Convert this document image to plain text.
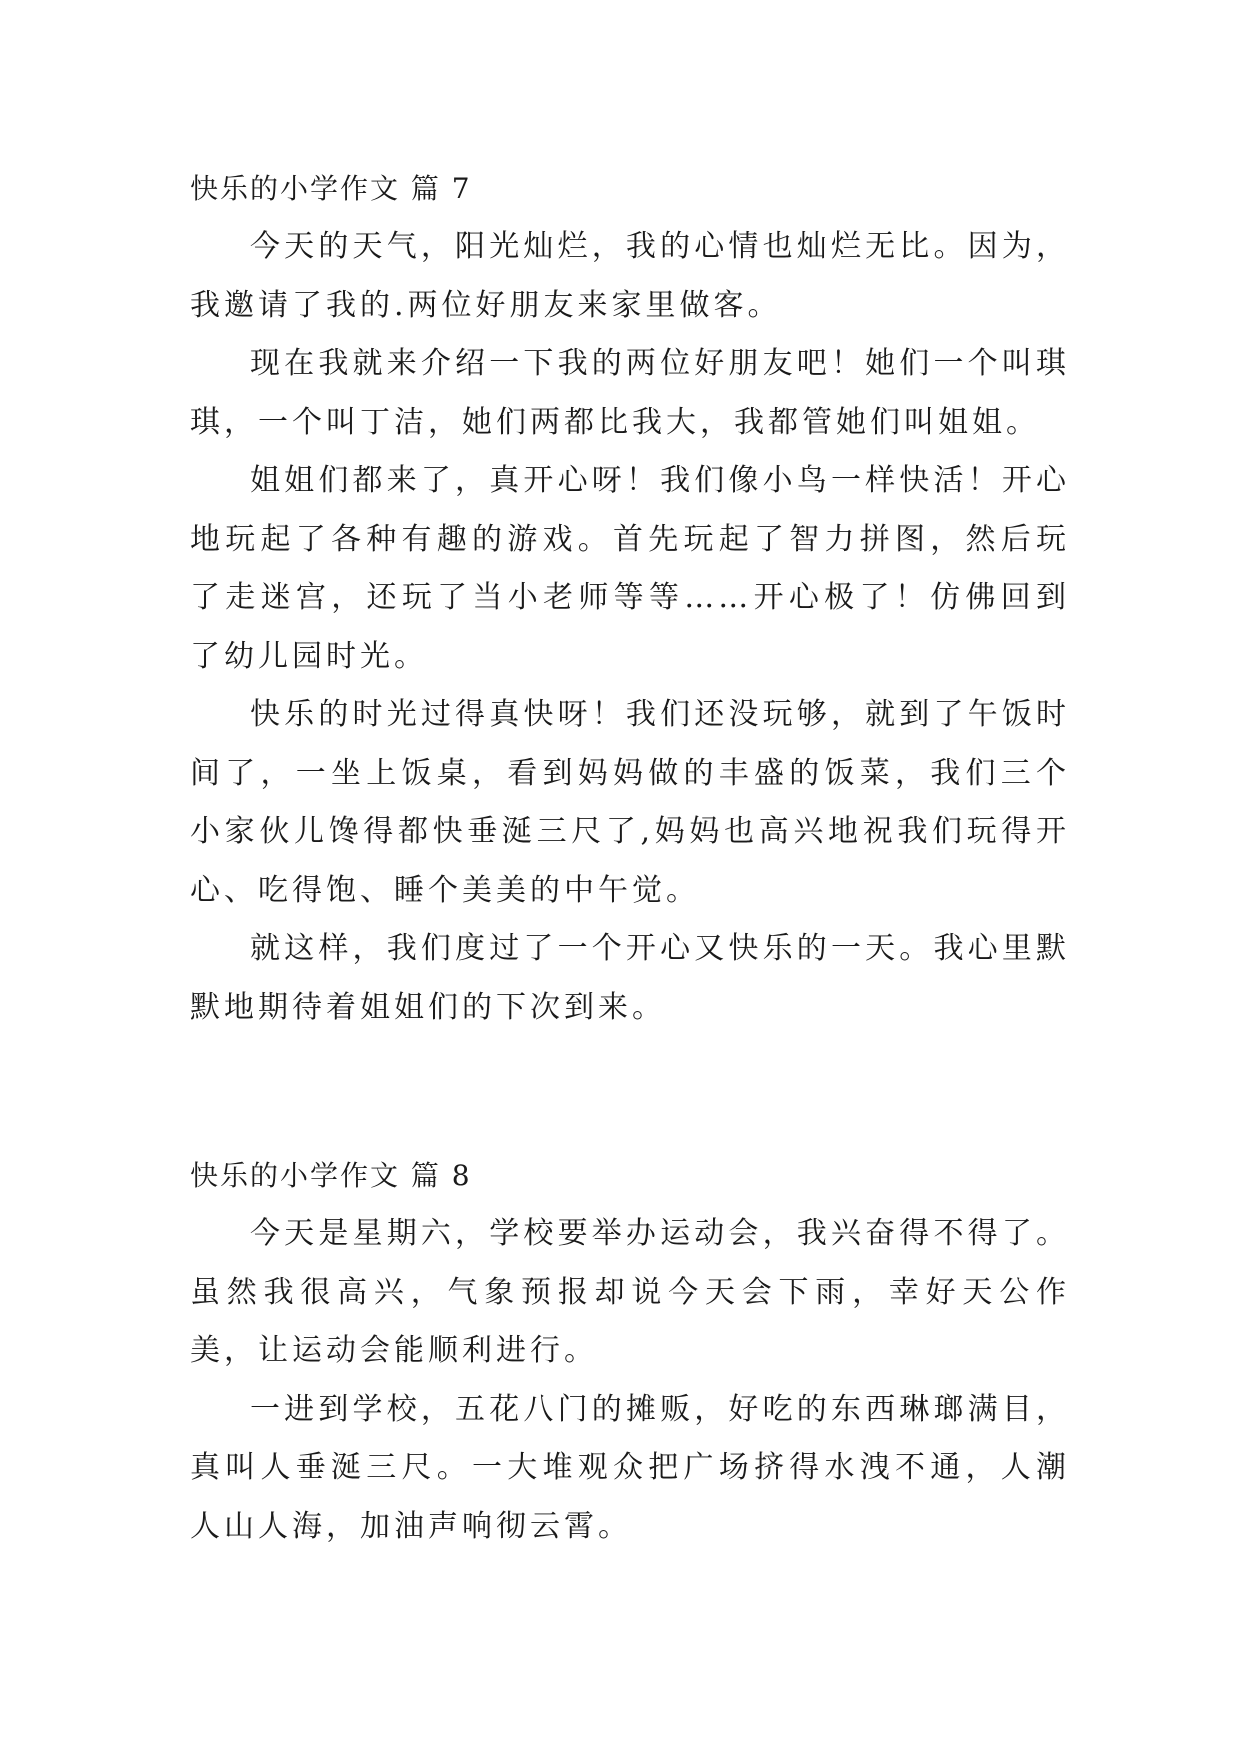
快乐的小学作文 篇 7

今天的天气，阳光灿烂，我的心情也灿烂无比。因为，我邀请了我的.两位好朋友来家里做客。

现在我就来介绍一下我的两位好朋友吧！她们一个叫琪琪，一个叫丁洁，她们两都比我大，我都管她们叫姐姐。

姐姐们都来了，真开心呀！我们像小鸟一样快活！开心地玩起了各种有趣的游戏。首先玩起了智力拼图，然后玩了走迷宫，还玩了当小老师等等……开心极了！仿佛回到了幼儿园时光。

快乐的时光过得真快呀！我们还没玩够，就到了午饭时间了，一坐上饭桌，看到妈妈做的丰盛的饭菜，我们三个小家伙儿馋得都快垂涎三尺了,妈妈也高兴地祝我们玩得开心、吃得饱、睡个美美的中午觉。

就这样，我们度过了一个开心又快乐的一天。我心里默默地期待着姐姐们的下次到来。

快乐的小学作文 篇 8

今天是星期六，学校要举办运动会，我兴奋得不得了。虽然我很高兴，气象预报却说今天会下雨，幸好天公作美，让运动会能顺利进行。

一进到学校，五花八门的摊贩，好吃的东西琳瑯满目，真叫人垂涎三尺。一大堆观众把广场挤得水洩不通，人潮人山人海，加油声响彻云霄。
